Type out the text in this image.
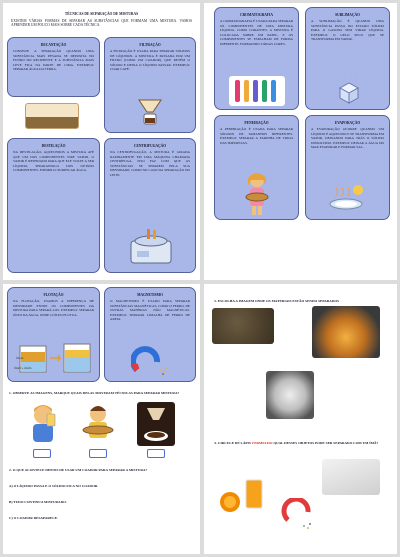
TÉCNICAS DE SEPARAÇÃO DE MISTURAS
EXISTEM VÁRIAS FORMAS DE SEPARAR AS SUBSTÂNCIAS QUE FORMAM UMA MISTURA. VAMOS APRENDER UM POUCO MAIS SOBRE CADA TÉCNICA.
DECANTAÇÃO
CONSISTE A SEPARAÇÃO QUANDO UMA SUBSTÂNCIA MAIS PESADA SE DEPOSITA NO FUNDO DO RECIPIENTE E A SUBSTÂNCIA MAIS LEVE FICA NA PARTE DE CIMA. EXEMPLO: SEPARAR ÁGUA DA TERRA.
FILTRAÇÃO
A FILTRAÇÃO É USADA PARA SEPARAR SÓLIDOS DE LÍQUIDOS. A MISTURA É PASSADA POR UM FILTRO (COMO UM COADOR), QUE RETÉM O SÓLIDO E DEIXA O LÍQUIDO PASSAR. EXEMPLO: COAR CAFÉ.
DESTILAÇÃO
NA DESTILAÇÃO, AQUECEMOS A MISTURA ATÉ QUE UM DOS COMPONENTES VIRE VAPOR. O VAPOR É RESFRIADO PARA QUE ELE VOLTE A SER LÍQUIDO, SEPARANDO-O DOS OUTROS COMPONENTES. EXEMPLO: PURIFICAR ÁGUA.
CENTRIFUGAÇÃO
NA CENTRIFUGAÇÃO, A MISTURA É GIRADA RAPIDAMENTE EM UMA MÁQUINA CHAMADA CENTRÍFUGA, ISSO FAZ COM QUE AS SUBSTÂNCIAS SE SEPAREM PELA SUA DENSIDADE, COMO NO CASO DA SEPARAÇÃO DO LEITE.
CROMATOGRAFIA
A CROMATOGRAFIA É USADA PARA SEPARAR OS COMPONENTES DE UMA MISTURA LÍQUIDA. COMO CORANTES. A MISTURA É COLOCADA SOBRE UM PAPEL, E OS COMPONENTES SE ESPALHAM DE FORMA DIFERENTE, FORMANDO VÁRIAS CORES.
SUBLIMAÇÃO
A SUBLIMAÇÃO É QUANDO UMA SUBSTÂNCIA PASSA DO ESTADO SÓLIDO PARA O GASOSO SEM VIRAR LÍQUIDA. EXEMPLO: O GELO SECO QUE SE TRANSFORMA EM VAPOR.
PENEIRAÇÃO
A PENEIRAÇÃO É USADA PARA SEPARAR SÓLIDOS DE TAMANHOS DIFERENTES. EXEMPLO: SEPARAR A FARINHA DE TRIGO DAS IMPUREZAS.
EVAPORAÇÃO
A EVAPORAÇÃO OCORRE QUANDO UM LÍQUIDO É AQUECIDO E SE TRANSFORMA EM VAPOR, DEIXANDO PARA TRÁS O SÓLIDO DISSOLVIDO. EXEMPLO: DEIXAR A ÁGUA DO MAR EVAPORAR E FORMAR SAL.
FLOTAÇÃO
NA FLOTAÇÃO, USAMOS A DIFERENÇA DE DENSIDADE ENTRE OS COMPONENTES DA MISTURA PARA SEPARÁ-LOS. EXEMPLO: SEPARAR ÓLEO DA ÁGUA, ONDE O ÓLEO FLUTUA.
ÁGUA
ÓLEO + ÁGUA
MAGNETISMO
O MAGNETISMO É USADO PARA SEPARAR SUBSTÂNCIAS MAGNÉTICAS, COMO O FERRO, DE OUTRAS MATÉRIAS NÃO MAGNÉTICAS. EXEMPLO: SEPARAR LIMALHA DE FERRO DE AREIA.
1- OBSERVE AS IMAGENS, MARQUE QUAIS DELAS MOSTRAM TÉCNICAS PARA SEPARAR MISTURA?
2- O QUE ACONTECE DEPOIS DE USAR UM COADOR PARA SEPARAR A MISTURA?
A) O LÍQUIDO PASSA E O SÓLIDO FICA NO COADOR.
B) TUDO CONTINUA MISTURADO.
C) O COADOR DESAPARECE.
3- ESCOLHA A IMAGEM ONDE OS MATERIAIS ESTÃO SENDO SEPARADOS
4- CIRCULE DE LÁPIS VERMELHO QUAL DESSES OBJETOS PODE SER SEPARADO COM UM ÍMÃ?
